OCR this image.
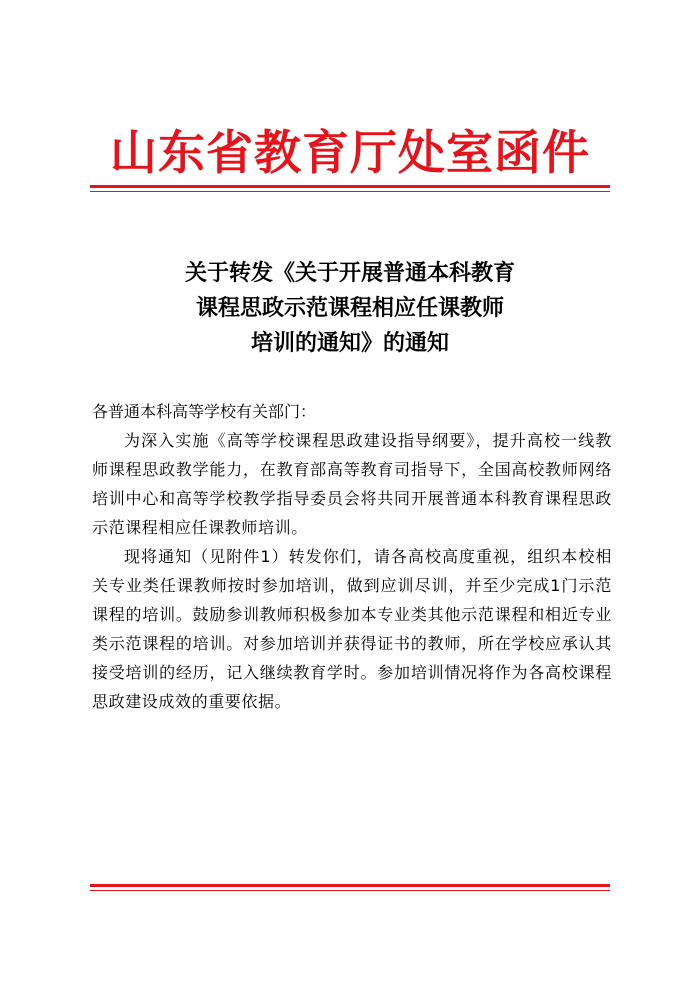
山东省教育厅处室函件
关于转发《关于开展普通本科教育
课程思政示范课程相应任课教师
培训的通知》的通知
各普通本科高等学校有关部门：
为深入实施《高等学校课程思政建设指导纲要》，提升高校一线教师课程思政教学能力，在教育部高等教育司指导下，全国高校教师网络培训中心和高等学校教学指导委员会将共同开展普通本科教育课程思政示范课程相应任课教师培训。
现将通知（见附件1）转发你们，请各高校高度重视，组织本校相关专业类任课教师按时参加培训，做到应训尽训，并至少完成1门示范课程的培训。鼓励参训教师积极参加本专业类其他示范课程和相近专业类示范课程的培训。对参加培训并获得证书的教师，所在学校应承认其接受培训的经历，记入继续教育学时。参加培训情况将作为各高校课程思政建设成效的重要依据。
